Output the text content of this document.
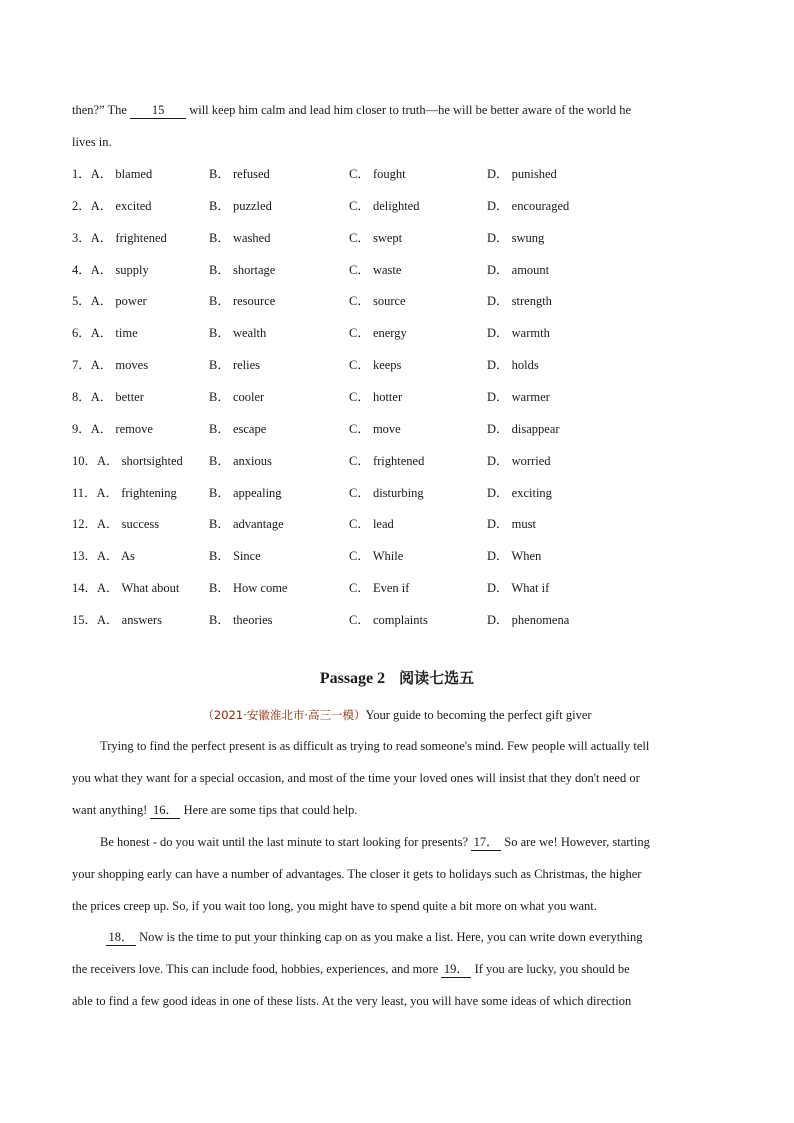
then?” The 15 will keep him calm and lead him closer to truth—he will be better aware of the world he
lives in.
1．A． blamed	B． refused	C． fought	D． punished
2．A． excited	B． puzzled	C． delighted	D． encouraged
3．A． frightened	B． washed	C． swept	D． swung
4．A． supply	B． shortage	C． waste	D． amount
5．A． power	B． resource	C． source	D． strength
6．A． time	B． wealth	C． energy	D． warmth
7．A． moves	B． relies	C． keeps	D． holds
8．A． better	B． cooler	C． hotter	D． warmer
9．A． remove	B． escape	C． move	D． disappear
10．A． shortsighted B． anxious	C． frightened	D． worried
11．A． frightening	B． appealing	C． disturbing	D． exciting
12．A． success	B． advantage	C． lead	D． must
13．A． As	B． Since	C． While	D． When
14．A． What about B． How come	C． Even if	D． What if
15．A． answers	B． theories	C． complaints	D． phenomena
Passage 2 阅读七选五
（2021·安徽淮北市·高三一模）Your guide to becoming the perfect gift giver
Trying to find the perfect present is as difficult as trying to read someone's mind. Few people will actually tell
you what they want for a special occasion, and most of the time your loved ones will insist that they don't need or
want anything! 16． Here are some tips that could help.
Be honest - do you wait until the last minute to start looking for presents? 17． So are we! However, starting
your shopping early can have a number of advantages. The closer it gets to holidays such as Christmas, the higher
the prices creep up. So, if you wait too long, you might have to spend quite a bit more on what you want.
18． Now is the time to put your thinking cap on as you make a list. Here, you can write down everything
the receivers love. This can include food, hobbies, experiences, and more 19． If you are lucky, you should be
able to find a few good ideas in one of these lists. At the very least, you will have some ideas of which direction
